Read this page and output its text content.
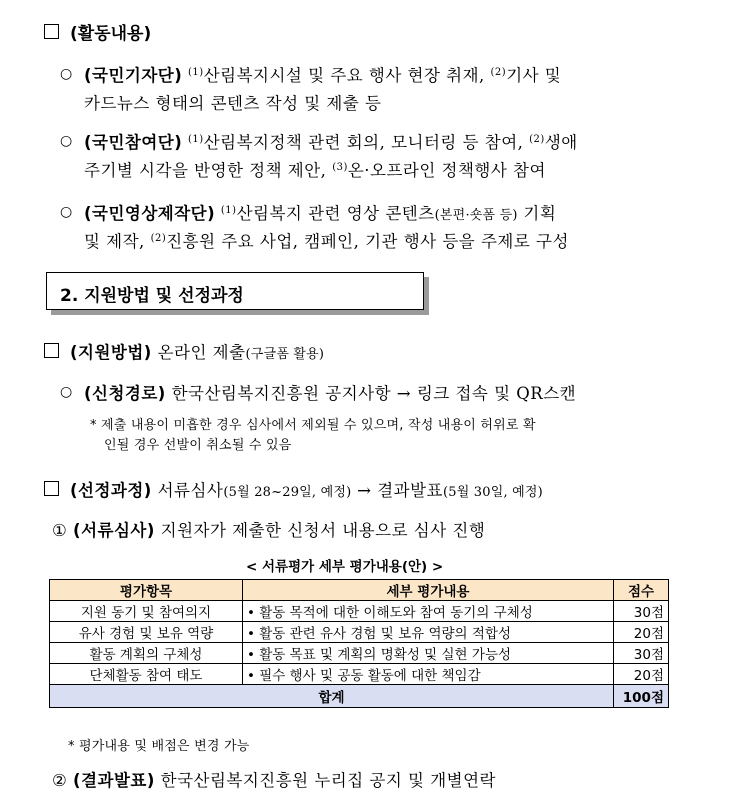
(활동내용)
○ (국민기자단) $^{(1)}$산림복지시설 및 주요 행사 현장 취재, $^{(2)}$기사 및
카드뉴스 형태의 콘텐츠 작성 및 제출 등
○ (국민참여단) $^{(1)}$산림복지정책 관련 회의, 모니터링 등 참여, $^{(2)}$생애
주기별 시각을 반영한 정책 제안, $^{(3)}$온·오프라인 정책행사 참여
○ (국민영상제작단) $^{(1)}$산림복지 관련 영상 콘텐츠(본편·숏폼 등) 기획
및 제작, $^{(2)}$진흥원 주요 사업, 캠페인, 기관 행사 등을 주제로 구성
2. 지원방법 및 선정과정
(지원방법) 온라인 제출(구글폼 활용)
○ (신청경로) 한국산림복지진흥원 공지사항 → 링크 접속 및 QR스캔
* 제출 내용이 미흡한 경우 심사에서 제외될 수 있으며, 작성 내용이 허위로 확
인될 경우 선발이 취소될 수 있음
(선정과정) 서류심사(5월 28~29일, 예정) → 결과발표(5월 30일, 예정)
① (서류심사) 지원자가 제출한 신청서 내용으로 심사 진행
< 서류평가 세부 평가내용(안) >
평가항목	세부 평가내용	점수
지원 동기 및 참여의지	• 활동 목적에 대한 이해도와 참여 동기의 구체성	30점
유사 경험 및 보유 역량	• 활동 관련 유사 경험 및 보유 역량의 적합성	20점
활동 계획의 구체성	• 활동 목표 및 계획의 명확성 및 실현 가능성	30점
단체활동 참여 태도	• 필수 행사 및 공동 활동에 대한 책임감	20점
합계		100점
* 평가내용 및 배점은 변경 가능
② (결과발표) 한국산림복지진흥원 누리집 공지 및 개별연락
